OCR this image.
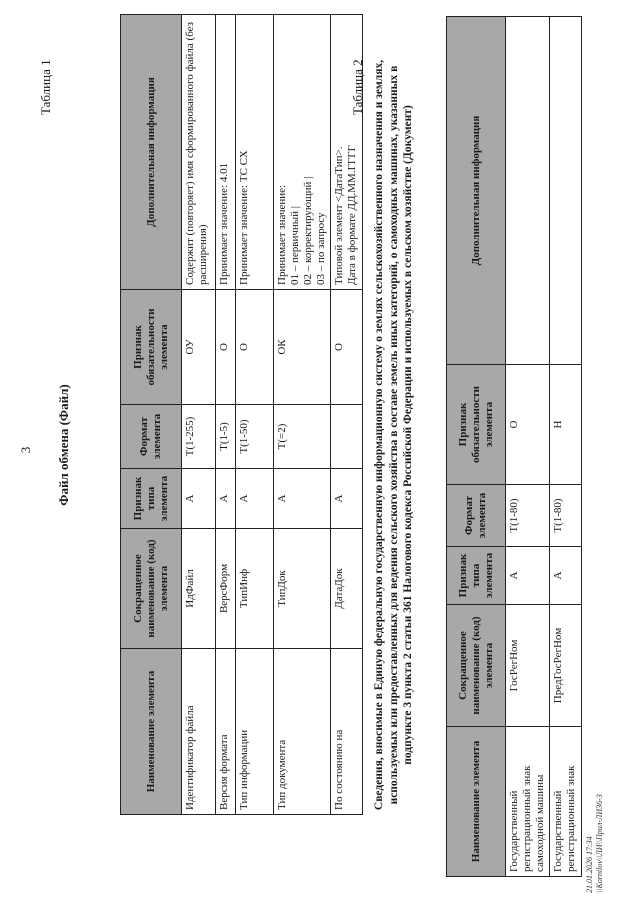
3
Таблица 1
Файл обмена (Файл)
Наименование элемента	Сокращенное наименование (код) элемента	Признак типа элемента	Формат элемента	Признак обязательности элемента	Дополнительная информация
Идентификатор файла	ИдФайл	А	Т(1-255)	ОУ	Содержит (повторяет) имя сформированного файла (без расширения)
Версия формата	ВерсФорм	А	Т(1-5)	О	Принимает значение: 4.01
Тип информации	ТипИнф	А	Т(1-50)	О	Принимает значение: ТС СХ
Тип документа	ТипДок	А	Т(=2)	ОК	Принимает значение:
01 – первичный |
02 – корректирующий |
03 – по запросу
По состоянию на	ДатаДок	А		О	Типовой элемент <ДатаТип>.
Дата в формате ДД.ММ.ГГГГ
Таблица 2 Сведения, вносимые в Единую федеральную государственную информационную систему о землях сельскохозяйственного назначения и землях, используемых или предоставленных для ведения сельского хозяйства в составе земель иных категорий, о самоходных машинах, указанных в подпункте 3 пункта 2 статьи 361 Налогового кодекса Российской Федерации и используемых в сельском хозяйстве (Документ)
Наименование элемента	Сокращенное наименование (код) элемента	Признак типа элемента	Формат элемента	Признак обязательности элемента	Дополнительная информация
Государственный регистрационный знак самоходной машины	ГосРегНом	А	Т(1-80)	О	
Государственный регистрационный знак	ПредГосРегНом	А	Т(1-80)	Н	
21.01.2026 17:34 \\Kornilov\\ЛИ\\Прил-ЛИ36-3
